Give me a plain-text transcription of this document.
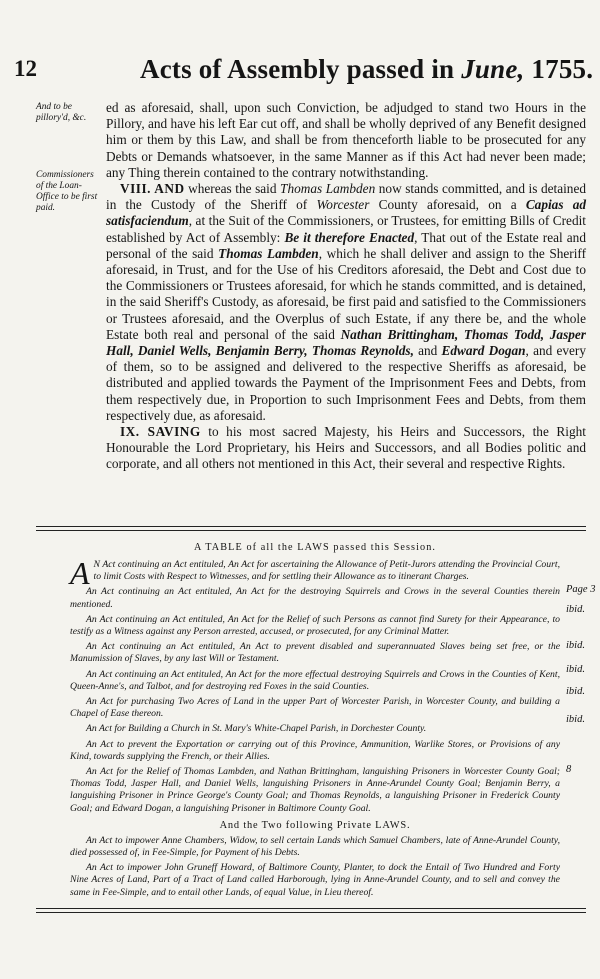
12	Acts of Assembly passed in June, 1755.
And to be pillory'd, &c.
Commissioners of the Loan-Office to be first paid.

ed as aforesaid, shall, upon such Conviction, be adjudged to stand two Hours in the Pillory, and have his left Ear cut off, and shall be wholly deprived of any Benefit designed him or them by this Law, and shall be from thenceforth liable to be prosecuted for any Debts or Demands whatsoever, in the same Manner as if this Act had never been made; any Thing therein contained to the contrary notwithstanding.

VIII. AND whereas the said Thomas Lambden now stands committed, and is detained in the Custody of the Sheriff of Worcester County aforesaid, on a Capias ad satisfaciendum, at the Suit of the Commissioners, or Trustees, for emitting Bills of Credit established by Act of Assembly: Be it therefore Enacted, That out of the Estate real and personal of the said Thomas Lambden, which he shall deliver and assign to the Sheriff aforesaid, in Trust, and for the Use of his Creditors aforesaid, the Debt and Cost due to the Commissioners or Trustees aforesaid, for which he stands committed, and is detained, in the said Sheriff's Custody, as aforesaid, be first paid and satisfied to the Commissioners or Trustees aforesaid, and the Overplus of such Estate, if any there be, and the whole Estate both real and personal of the said Nathan Brittingham, Thomas Todd, Jasper Hall, Daniel Wells, Benjamin Berry, Thomas Reynolds, and Edward Dogan, and every of them, so to be assigned and delivered to the respective Sheriffs as aforesaid, be distributed and applied towards the Payment of the Imprisonment Fees and Debts, from them respectively due, in Proportion to such Imprisonment Fees and Debts, from them respectively due, as aforesaid.

IX. SAVING to his most sacred Majesty, his Heirs and Successors, the Right Honourable the Lord Proprietary, his Heirs and Successors, and all Bodies politic and corporate, and all others not mentioned in this Act, their several and respective Rights.

A TABLE of all the LAWS passed this Session.

A N Act continuing an Act entituled, An Act for ascertaining the Allowance of Petit-Jurors attending the Provincial Court, to limit Costs with Respect to Witnesses, and for settling their Allowance as to itinerant Charges.

An Act continuing an Act entituled, An Act for the destroying Squirrels and Crows in the several Counties therein mentioned.

An Act continuing an Act entituled, An Act for the Relief of such Persons as cannot find Surety for their Appearance, to testify as a Witness against any Person arrested, accused, or prosecuted, for any Criminal Matter.

An Act continuing an Act entituled, An Act to prevent disabled and superannuated Slaves being set free, or the Manumission of Slaves, by any last Will or Testament.

An Act continuing an Act entituled, An Act for the more effectual destroying Squirrels and Crows in the Counties of Kent, Queen-Anne's, and Talbot, and for destroying red Foxes in the said Counties.

An Act for purchasing Two Acres of Land in the upper Part of Worcester Parish, in Worcester County, and building a Chapel of Ease thereon.

An Act for Building a Church in St. Mary's White-Chapel Parish, in Dorchester County.

An Act to prevent the Exportation or carrying out of this Province, Ammunition, Warlike Stores, or Provisions of any Kind, towards supplying the French, or their Allies.

An Act for the Relief of Thomas Lambden, and Nathan Brittingham, languishing Prisoners in Worcester County Goal; Thomas Todd, Jasper Hall, and Daniel Wells, languishing Prisoners in Anne-Arundel County Goal; Benjamin Berry, a languishing Prisoner in Prince George's County Goal; and Thomas Reynolds, a languishing Prisoner in Frederick County Goal; and Edward Dogan, a languishing Prisoner in Baltimore County Goal.

And the Two following Private LAWS.

An Act to impower Anne Chambers, Widow, to sell certain Lands which Samuel Chambers, late of Anne-Arundel County, died possessed of, in Fee-Simple, for Payment of his Debts.

An Act to impower John Gruneff Howard, of Baltimore County, Planter, to dock the Entail of Two Hundred and Forty Nine Acres of Land, Part of a Tract of Land called Harborough, lying in Anne-Arundel County, and to sell and convey the same in Fee-Simple, and to entail other Lands, of equal Value, in Lieu thereof.

Page 3
ibid.
ibid.
ibid.
ibid.
ibid.
8
